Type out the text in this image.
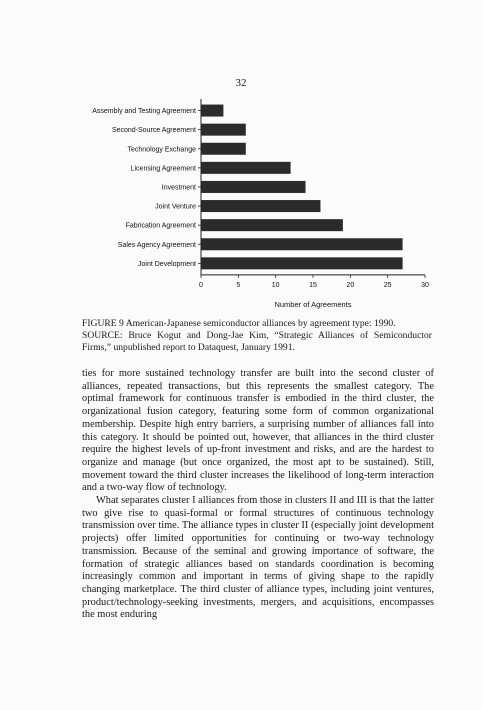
32
Assembly and Testing Agreement
Second-Source Agreement
Technology Exchange
Licensing Agreement
Investment
Joint Venture
Fabrication Agreement
Sales Agency Agreement
Joint Development
0	5	10	15	20	25	30
Number of Agreements
FIGURE 9 American-Japanese semiconductor alliances by agreement type: 1990.
SOURCE: Bruce Kogut and Dong-Jae Kim, “Strategic Alliances of Semiconductor Firms,” unpublished report to Dataquest, January 1991.

ties for more sustained technology transfer are built into the second cluster of alliances, repeated transactions, but this represents the smallest category. The optimal framework for continuous transfer is embodied in the third cluster, the organizational fusion category, featuring some form of common organizational membership. Despite high entry barriers, a surprising number of alliances fall into this category. It should be pointed out, however, that alliances in the third cluster require the highest levels of up-front investment and risks, and are the hardest to organize and manage (but once organized, the most apt to be sustained). Still, movement toward the third cluster increases the likelihood of long-term interaction and a two-way flow of technology.

What separates cluster I alliances from those in clusters II and III is that the latter two give rise to quasi-formal or formal structures of continuous technology transmission over time. The alliance types in cluster II (especially joint development projects) offer limited opportunities for continuing or two-way technology transmission. Because of the seminal and growing importance of software, the formation of strategic alliances based on standards coordination is becoming increasingly common and important in terms of giving shape to the rapidly changing marketplace. The third cluster of alliance types, including joint ventures, product/technology-seeking investments, mergers, and acquisitions, encompasses the most enduring
